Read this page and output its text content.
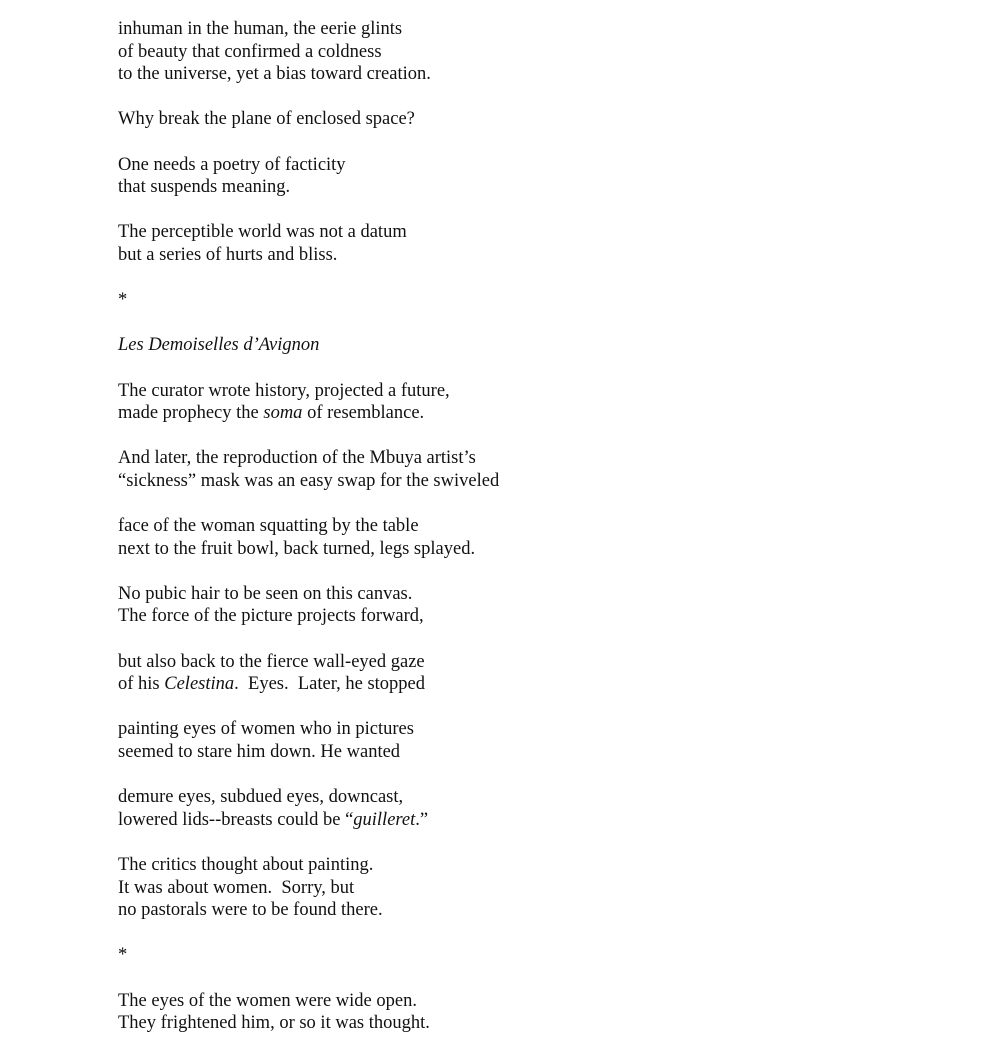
inhuman in the human, the eerie glints
of beauty that confirmed a coldness
to the universe, yet a bias toward creation.
Why break the plane of enclosed space?
One needs a poetry of facticity
that suspends meaning.
The perceptible world was not a datum
but a series of hurts and bliss.
*
Les Demoiselles d’Avignon
The curator wrote history, projected a future,
made prophecy the soma of resemblance.
And later, the reproduction of the Mbuya artist’s
“sickness” mask was an easy swap for the swiveled
face of the woman squatting by the table
next to the fruit bowl, back turned, legs splayed.
No pubic hair to be seen on this canvas.
The force of the picture projects forward,
but also back to the fierce wall-eyed gaze
of his Celestina.  Eyes.  Later, he stopped
painting eyes of women who in pictures
seemed to stare him down. He wanted
demure eyes, subdued eyes, downcast,
lowered lids--breasts could be “guilleret.”
The critics thought about painting.
It was about women.  Sorry, but
no pastorals were to be found there.
*
The eyes of the women were wide open.
They frightened him, or so it was thought.
